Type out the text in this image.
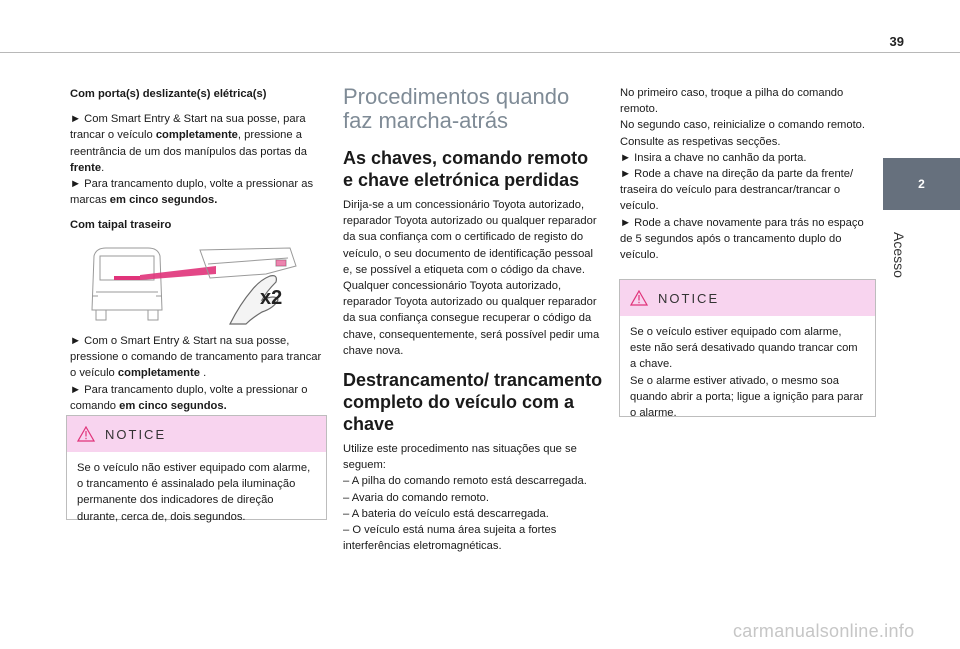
39
2
Acesso

Com porta(s) deslizante(s) elétrica(s)

► Com Smart Entry & Start na sua posse, para trancar o veículo completamente, pressione a reentrância de um dos manípulos das portas da frente.

► Para trancamento duplo, volte a pressionar as marcas em cinco segundos.

Com taipal traseiro

x2

► Com o Smart Entry & Start na sua posse, pressione o comando de trancamento para trancar o veículo completamente .

► Para trancamento duplo, volte a pressionar o comando em cinco segundos.

NOTICE
Se o veículo não estiver equipado com alarme, o trancamento é assinalado pela iluminação permanente dos indicadores de direção durante, cerca de, dois segundos.
Procedimentos quando faz marcha-atrás
As chaves, comando remoto e chave eletrónica perdidas

Dirija-se a um concessionário Toyota autorizado, reparador Toyota autorizado ou qualquer reparador da sua confiança com o certificado de registo do veículo, o seu documento de identificação pessoal e, se possível a etiqueta com o código da chave.

Qualquer concessionário Toyota autorizado, reparador Toyota autorizado ou qualquer reparador da sua confiança consegue recuperar o código da chave, consequentemente, será possível pedir uma chave nova.

Destrancamento/ trancamento completo do veículo com a chave

Utilize este procedimento nas situações que se seguem:

– A pilha do comando remoto está descarregada.

– Avaria do comando remoto.

– A bateria do veículo está descarregada.

– O veículo está numa área sujeita a fortes interferências eletromagnéticas.

No primeiro caso, troque a pilha do comando remoto.

No segundo caso, reinicialize o comando remoto.

Consulte as respetivas secções.

► Insira a chave no canhão da porta.

► Rode a chave na direção da parte da frente/ traseira do veículo para destrancar/trancar o veículo.

► Rode a chave novamente para trás no espaço de 5 segundos após o trancamento duplo do veículo.

NOTICE

Se o veículo estiver equipado com alarme, este não será desativado quando trancar com a chave.

Se o alarme estiver ativado, o mesmo soa quando abrir a porta; ligue a ignição para parar o alarme.

carmanualsonline.info
